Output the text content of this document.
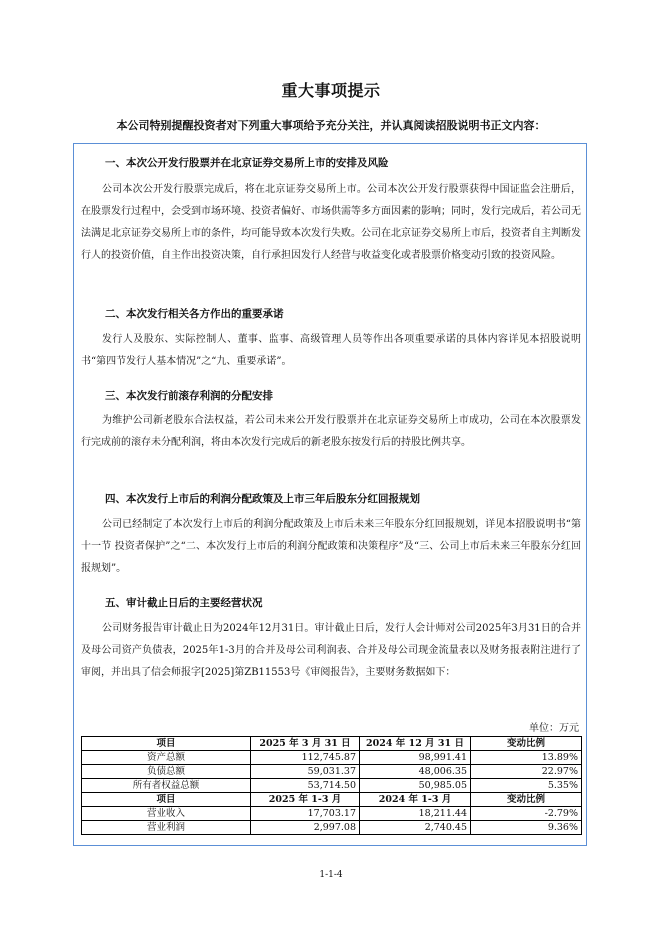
重大事项提示
本公司特别提醒投资者对下列重大事项给予充分关注，并认真阅读招股说明书正文内容：
一、本次公开发行股票并在北京证券交易所上市的安排及风险

公司本次公开发行股票完成后，将在北京证券交易所上市。公司本次公开发行股票获得中国证监会注册后，在股票发行过程中，会受到市场环境、投资者偏好、市场供需等多方面因素的影响；同时，发行完成后，若公司无法满足北京证券交易所上市的条件，均可能导致本次发行失败。公司在北京证券交易所上市后，投资者自主判断发行人的投资价值，自主作出投资决策，自行承担因发行人经营与收益变化或者股票价格变动引致的投资风险。

二、本次发行相关各方作出的重要承诺

发行人及股东、实际控制人、董事、监事、高级管理人员等作出各项重要承诺的具体内容详见本招股说明书“第四节发行人基本情况”之“九、重要承诺”。

三、本次发行前滚存利润的分配安排

为维护公司新老股东合法权益，若公司未来公开发行股票并在北京证券交易所上市成功，公司在本次股票发行完成前的滚存未分配利润，将由本次发行完成后的新老股东按发行后的持股比例共享。

四、本次发行上市后的利润分配政策及上市三年后股东分红回报规划

公司已经制定了本次发行上市后的利润分配政策及上市后未来三年股东分红回报规划，详见本招股说明书“第十一节 投资者保护”之“二、本次发行上市后的利润分配政策和决策程序”及“三、公司上市后未来三年股东分红回报规划”。

五、审计截止日后的主要经营状况

公司财务报告审计截止日为2024年12月31日。审计截止日后，发行人会计师对公司2025年3月31日的合并及母公司资产负债表，2025年1-3月的合并及母公司利润表、合并及母公司现金流量表以及财务报表附注进行了审阅，并出具了信会师报字[2025]第ZB11553号《审阅报告》，主要财务数据如下：

单位：万元
项目	2025 年 3 月 31 日	2024 年 12 月 31 日	变动比例
资产总额	112,745.87	98,991.41	13.89%
负债总额	59,031.37	48,006.35	22.97%
所有者权益总额	53,714.50	50,985.05	5.35%
项目	2025 年 1-3 月	2024 年 1-3 月	变动比例
营业收入	17,703.17	18,211.44	-2.79%
营业利润	2,997.08	2,740.45	9.36%
1-1-4
